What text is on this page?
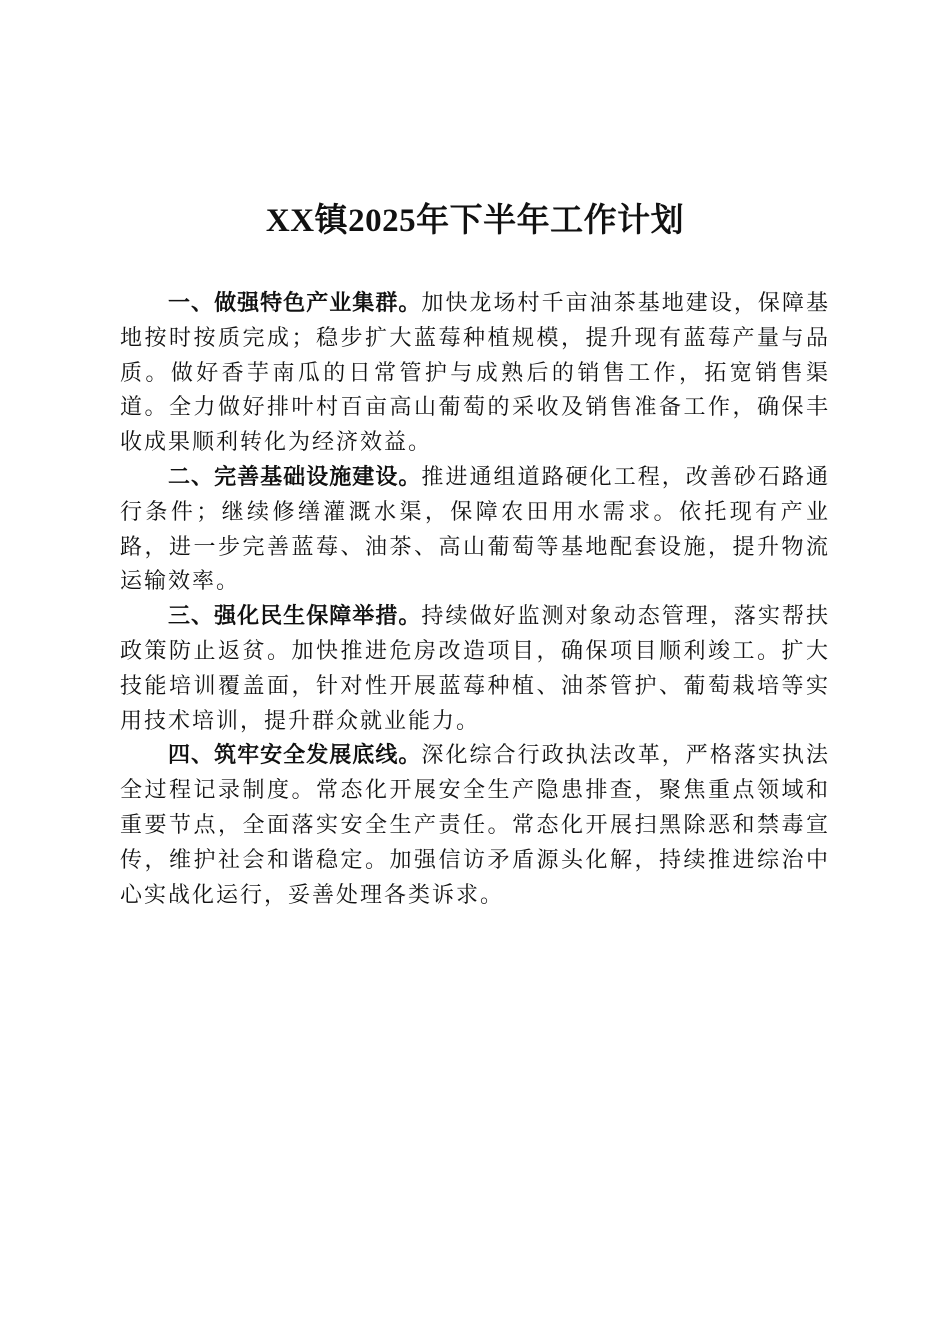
XX镇2025年下半年工作计划

一、做强特色产业集群。加快龙场村千亩油茶基地建设，保障基地按时按质完成；稳步扩大蓝莓种植规模，提升现有蓝莓产量与品质。做好香芋南瓜的日常管护与成熟后的销售工作，拓宽销售渠道。全力做好排叶村百亩高山葡萄的采收及销售准备工作，确保丰收成果顺利转化为经济效益。

二、完善基础设施建设。推进通组道路硬化工程，改善砂石路通行条件；继续修缮灌溉水渠，保障农田用水需求。依托现有产业路，进一步完善蓝莓、油茶、高山葡萄等基地配套设施，提升物流运输效率。

三、强化民生保障举措。持续做好监测对象动态管理，落实帮扶政策防止返贫。加快推进危房改造项目，确保项目顺利竣工。扩大技能培训覆盖面，针对性开展蓝莓种植、油茶管护、葡萄栽培等实用技术培训，提升群众就业能力。

四、筑牢安全发展底线。深化综合行政执法改革，严格落实执法全过程记录制度。常态化开展安全生产隐患排查，聚焦重点领域和重要节点，全面落实安全生产责任。常态化开展扫黑除恶和禁毒宣传，维护社会和谐稳定。加强信访矛盾源头化解，持续推进综治中心实战化运行，妥善处理各类诉求。
